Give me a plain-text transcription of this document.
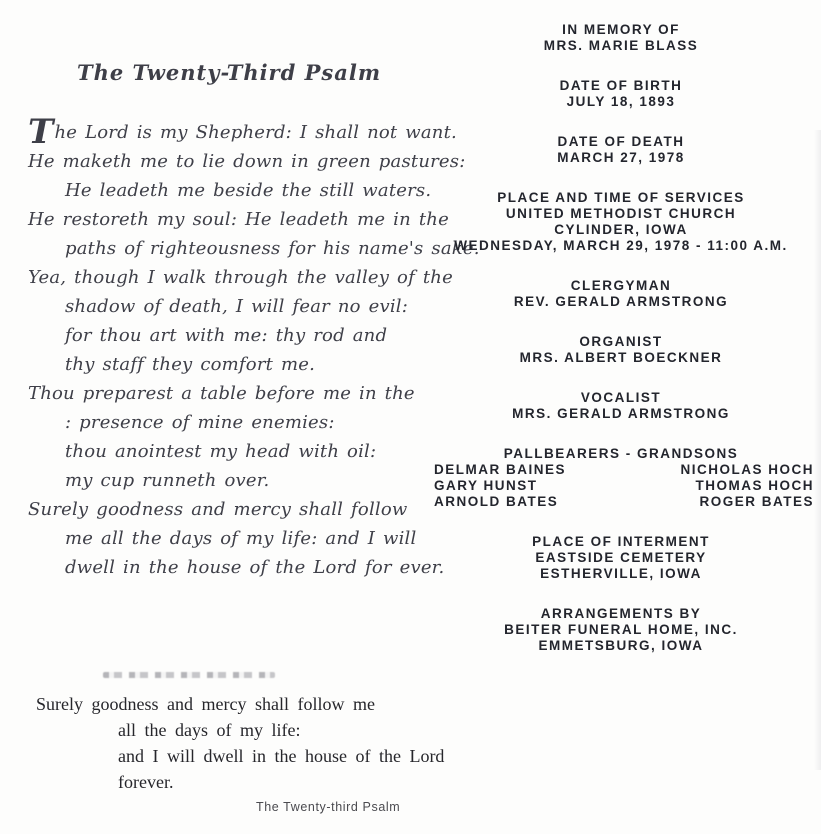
The Twenty-Third Psalm
The Lord is my Shepherd: I shall not want.
He maketh me to lie down in green pastures:
He leadeth me beside the still waters.
He restoreth my soul: He leadeth me in the
paths of righteousness for his name's sake.
Yea, though I walk through the valley of the
shadow of death, I will fear no evil:
for thou art with me: thy rod and
thy staff they comfort me.
Thou preparest a table before me in the
: presence of mine enemies:
thou anointest my head with oil:
my cup runneth over.
Surely goodness and mercy shall follow
me all the days of my life: and I will
dwell in the house of the Lord for ever.
IN MEMORY OF
MRS. MARIE BLASS
DATE OF BIRTH
JULY 18, 1893
DATE OF DEATH
MARCH 27, 1978
PLACE AND TIME OF SERVICES
UNITED METHODIST CHURCH
CYLINDER, IOWA
WEDNESDAY, MARCH 29, 1978 - 11:00 A.M.
CLERGYMAN
REV. GERALD ARMSTRONG
ORGANIST
MRS. ALBERT BOECKNER
VOCALIST
MRS. GERALD ARMSTRONG
PALLBEARERS - GRANDSONS
DELMAR BAINES
GARY HUNST
ARNOLD BATES
NICHOLAS HOCH
THOMAS HOCH
ROGER BATES
PLACE OF INTERMENT
EASTSIDE CEMETERY
ESTHERVILLE, IOWA
ARRANGEMENTS BY
BEITER FUNERAL HOME, INC.
EMMETSBURG, IOWA
Surely goodness and mercy shall follow me
all the days of my life:
and I will dwell in the house of the Lord
forever.
The Twenty-third Psalm
